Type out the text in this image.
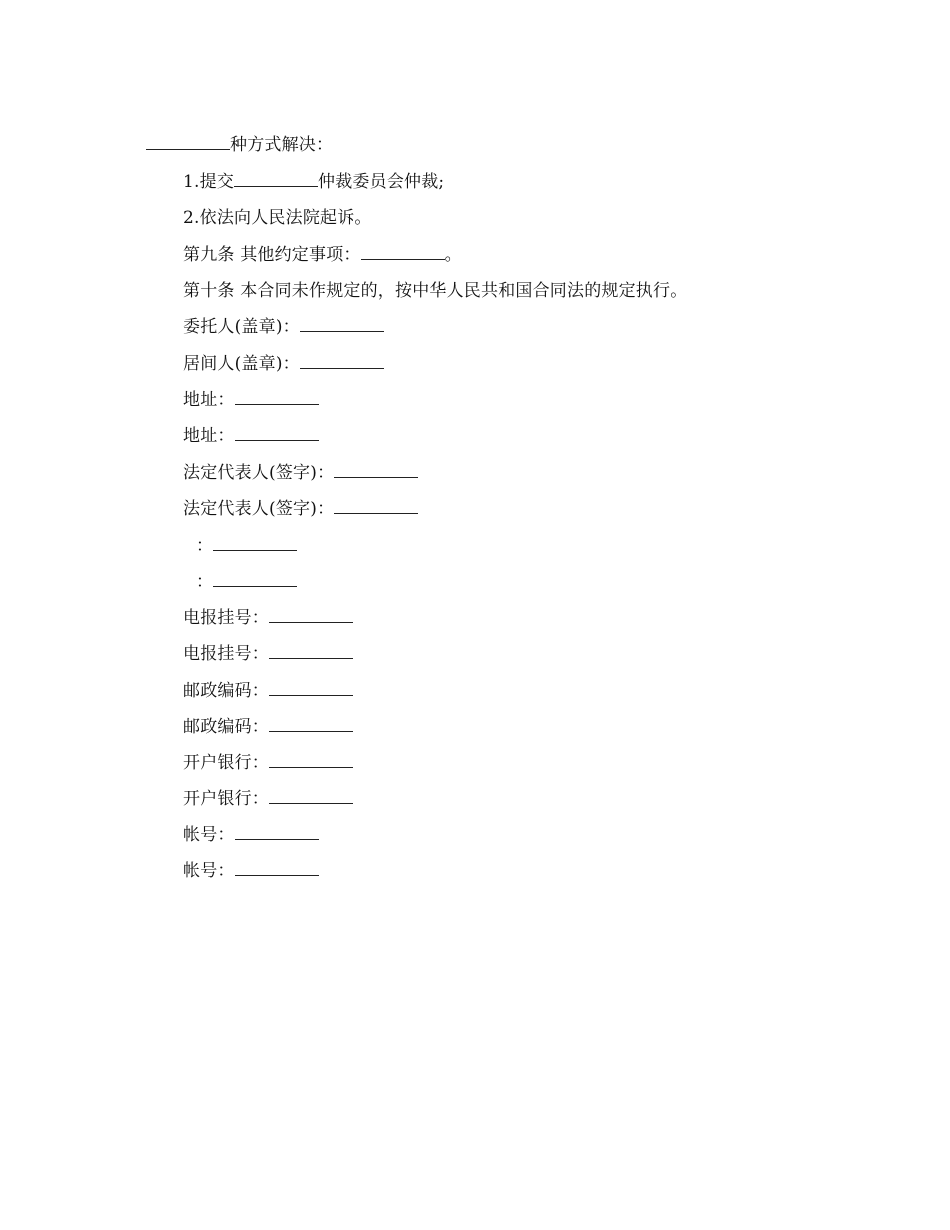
种方式解决：
1.提交	仲裁委员会仲裁;
2.依法向人民法院起诉。
第九条 其他约定事项：	。
第十条 本合同未作规定的，按中华人民共和国合同法的规定执行。
委托人(盖章)：
居间人(盖章)：
地址：
地址：
法定代表人(签字)：
法定代表人(签字)：
：
：
电报挂号：
电报挂号：
邮政编码：
邮政编码：
开户银行：
开户银行：
帐号：
帐号：
